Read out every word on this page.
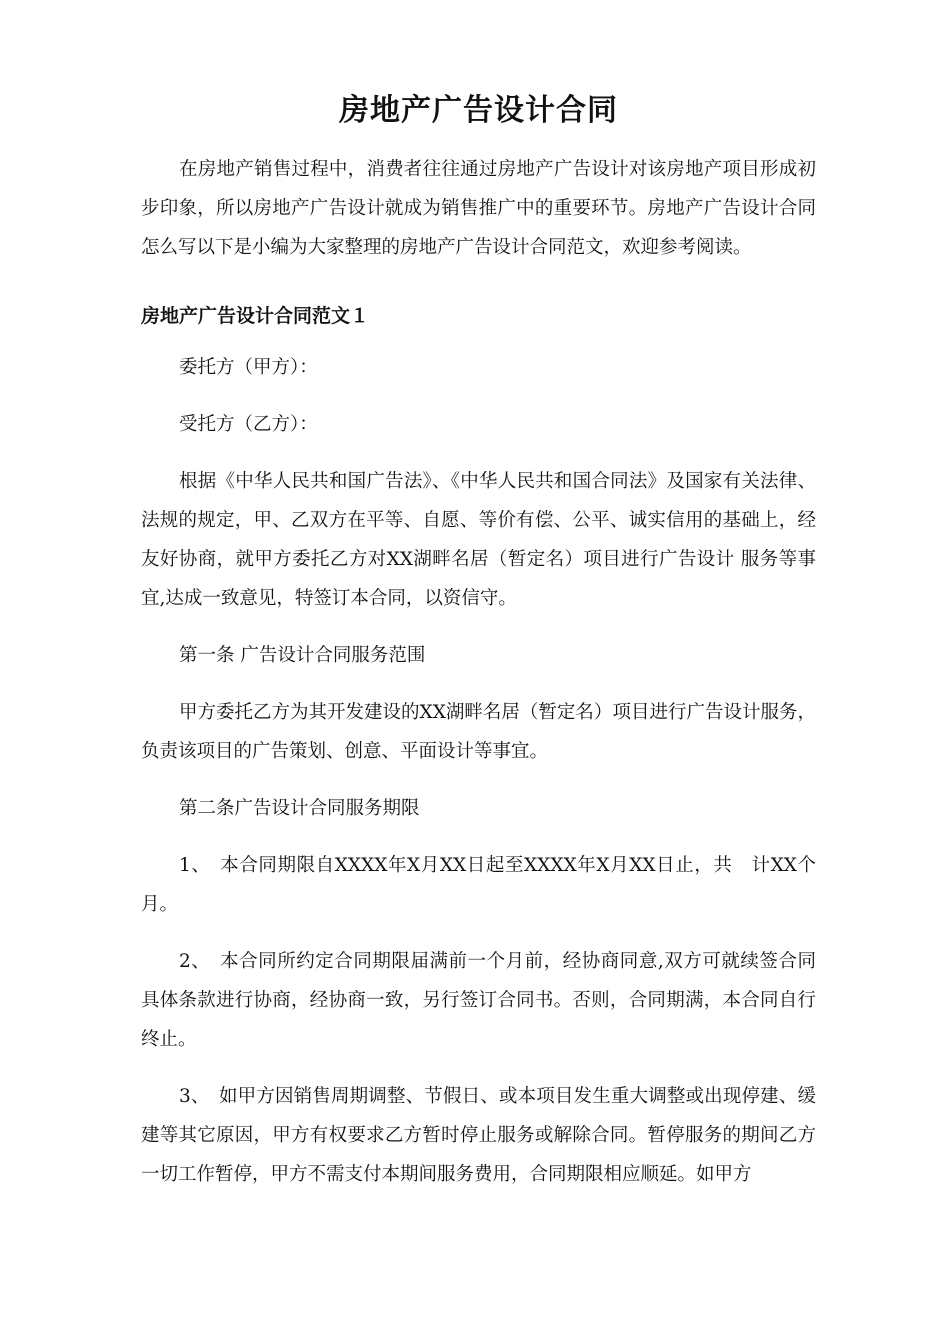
房地产广告设计合同

在房地产销售过程中，消费者往往通过房地产广告设计对该房地产项目形成初步印象，所以房地产广告设计就成为销售推广中的重要环节。房地产广告设计合同怎么写以下是小编为大家整理的房地产广告设计合同范文，欢迎参考阅读。

房地产广告设计合同范文１

委托方（甲方）：

受托方（乙方）：

根据《中华人民共和国广告法》、《中华人民共和国合同法》及国家有关法律、法规的规定，甲、乙双方在平等、自愿、等价有偿、公平、诚实信用的基础上，经友好协商，就甲方委托乙方对XX湖畔名居（暂定名）项目进行广告设计 服务等事宜,达成一致意见，特签订本合同，以资信守。

第一条 广告设计合同服务范围

甲方委托乙方为其开发建设的XX湖畔名居（暂定名）项目进行广告设计服务，负责该项目的广告策划、创意、平面设计等事宜。

第二条广告设计合同服务期限

1、　本合同期限自XXXX年X月XX日起至XXXX年X月XX日止，共　计XX个月。

2、　本合同所约定合同期限届满前一个月前，经协商同意,双方可就续签合同 具体条款进行协商，经协商一致，另行签订合同书。否则，合同期满，本合同自行 终止。

3、　如甲方因销售周期调整、节假日、或本项目发生重大调整或出现停建、缓建等其它原因，甲方有权要求乙方暂时停止服务或解除合同。暂停服务的期间乙方一切工作暂停，甲方不需支付本期间服务费用，合同期限相应顺延。如甲方
